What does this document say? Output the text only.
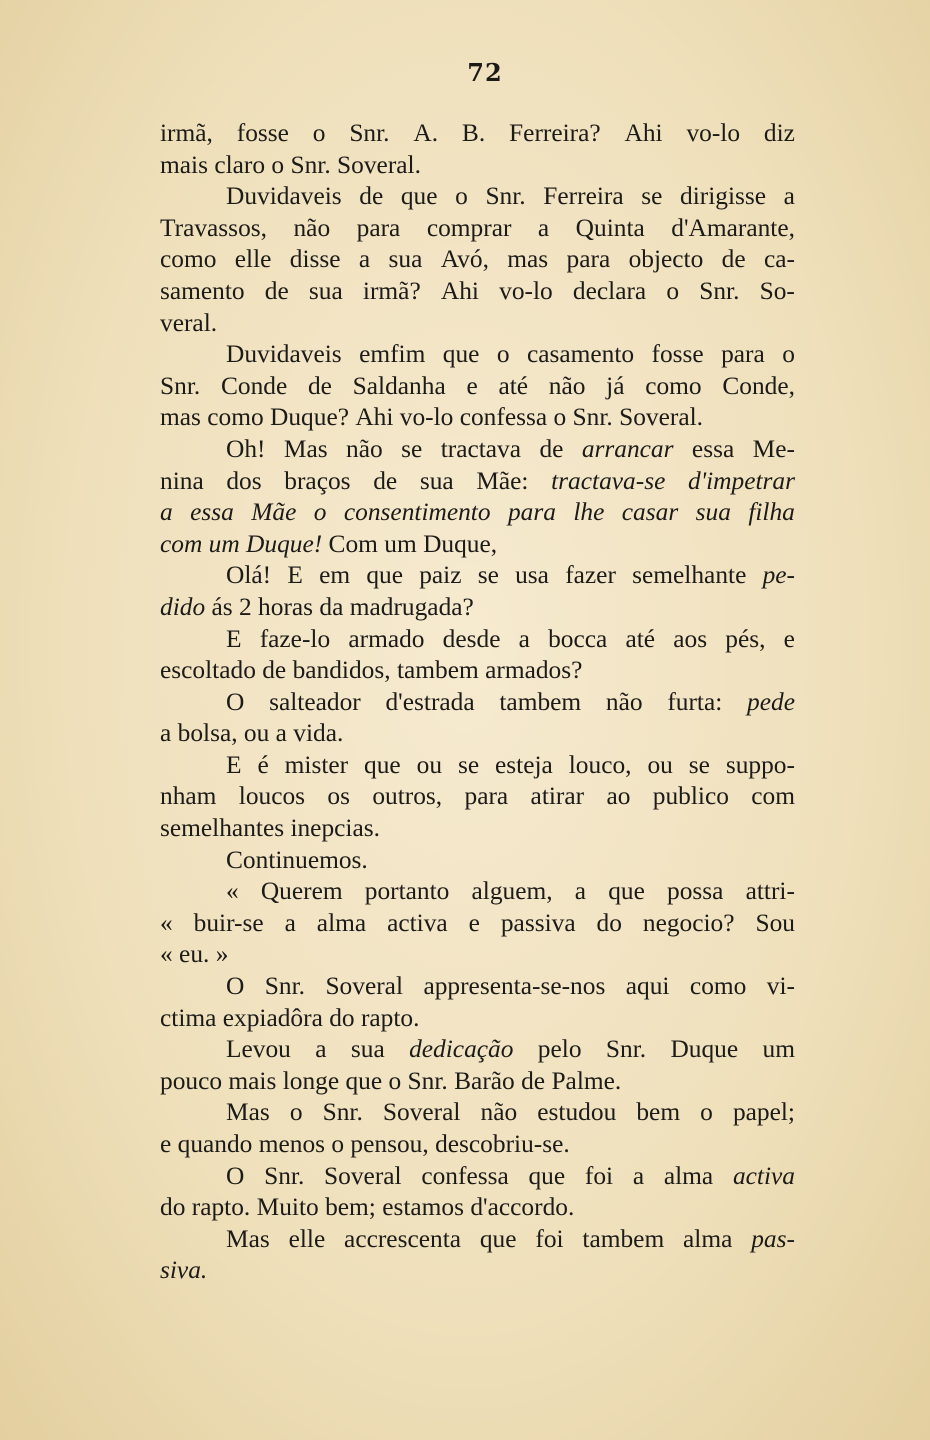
72
irmã, fosse o Snr. A. B. Ferreira? Ahi vo-lo diz
mais claro o Snr. Soveral.
Duvidaveis de que o Snr. Ferreira se dirigisse a
Travassos, não para comprar a Quinta d'Amarante,
como elle disse a sua Avó, mas para objecto de ca-
samento de sua irmã? Ahi vo-lo declara o Snr. So-
veral.
Duvidaveis emfim que o casamento fosse para o
Snr. Conde de Saldanha e até não já como Conde,
mas como Duque? Ahi vo-lo confessa o Snr. Soveral.
Oh! Mas não se tractava de arrancar essa Me-
nina dos braços de sua Mãe: tractava-se d'impetrar
a essa Mãe o consentimento para lhe casar sua filha
com um Duque! Com um Duque,
Olá! E em que paiz se usa fazer semelhante pe-
dido ás 2 horas da madrugada?
E faze-lo armado desde a bocca até aos pés, e
escoltado de bandidos, tambem armados?
O salteador d'estrada tambem não furta: pede
a bolsa, ou a vida.
E é mister que ou se esteja louco, ou se suppo-
nham loucos os outros, para atirar ao publico com
semelhantes inepcias.
Continuemos.
« Querem portanto alguem, a que possa attri-
« buir-se a alma activa e passiva do negocio? Sou
« eu. »
O Snr. Soveral appresenta-se-nos aqui como vi-
ctima expiadôra do rapto.
Levou a sua dedicação pelo Snr. Duque um
pouco mais longe que o Snr. Barão de Palme.
Mas o Snr. Soveral não estudou bem o papel;
e quando menos o pensou, descobriu-se.
O Snr. Soveral confessa que foi a alma activa
do rapto. Muito bem; estamos d'accordo.
Mas elle accrescenta que foi tambem alma pas-
siva.
